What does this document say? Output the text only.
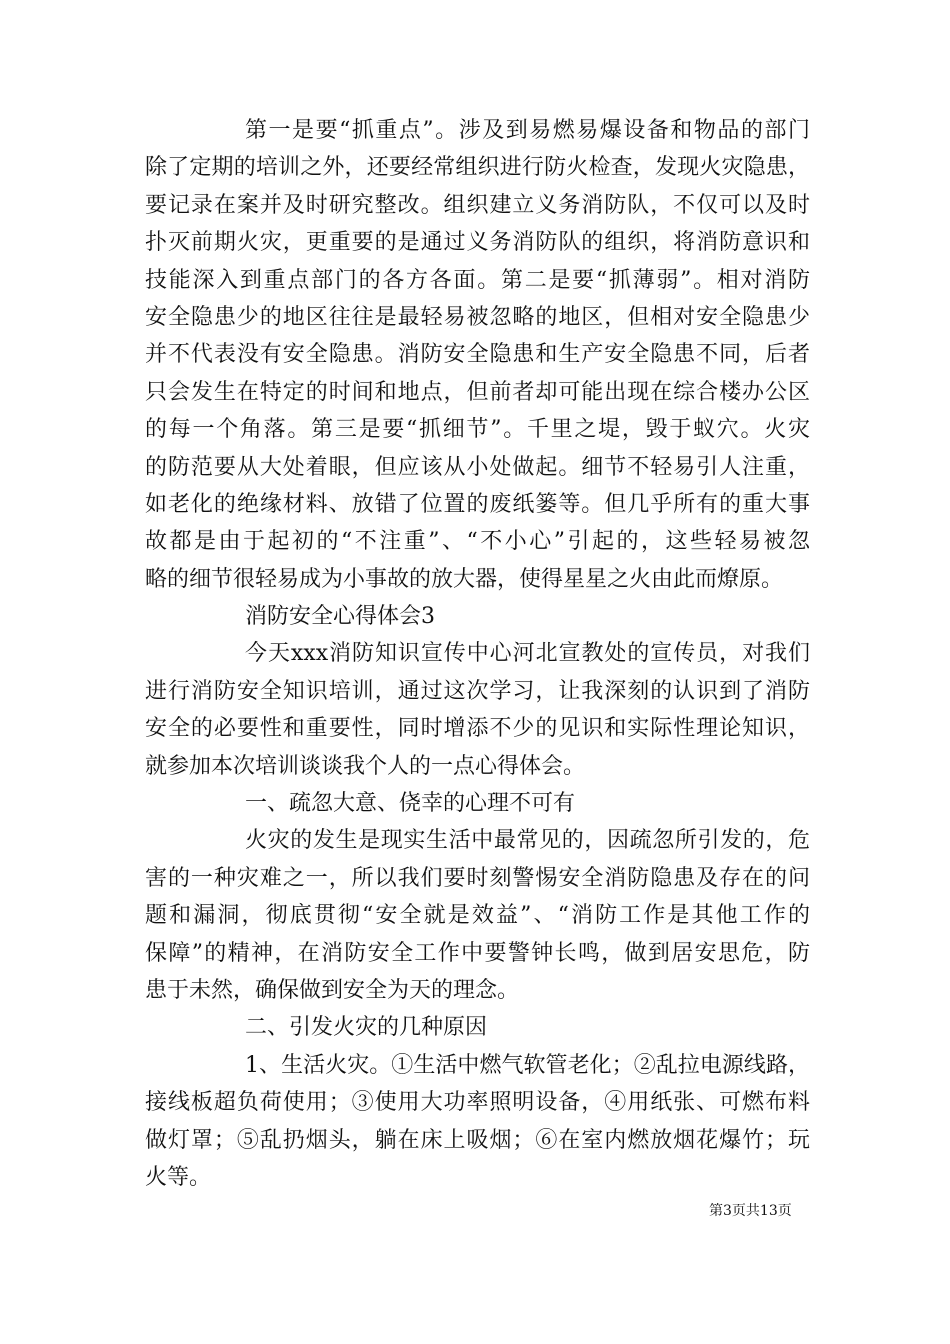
第一是要“抓重点”。涉及到易燃易爆设备和物品的部门
除了定期的培训之外，还要经常组织进行防火检查，发现火灾隐患，
要记录在案并及时研究整改。组织建立义务消防队，不仅可以及时
扑灭前期火灾，更重要的是通过义务消防队的组织，将消防意识和
技能深入到重点部门的各方各面。第二是要“抓薄弱”。相对消防
安全隐患少的地区往往是最轻易被忽略的地区，但相对安全隐患少
并不代表没有安全隐患。消防安全隐患和生产安全隐患不同，后者
只会发生在特定的时间和地点，但前者却可能出现在综合楼办公区
的每一个角落。第三是要“抓细节”。千里之堤，毁于蚁穴。火灾
的防范要从大处着眼，但应该从小处做起。细节不轻易引人注重，
如老化的绝缘材料、放错了位置的废纸篓等。但几乎所有的重大事
故都是由于起初的“不注重”、“不小心”引起的，这些轻易被忽
略的细节很轻易成为小事故的放大器，使得星星之火由此而燎原。
消防安全心得体会3
今天xxx消防知识宣传中心河北宣教处的宣传员，对我们
进行消防安全知识培训，通过这次学习，让我深刻的认识到了消防
安全的必要性和重要性，同时增添不少的见识和实际性理论知识，
就参加本次培训谈谈我个人的一点心得体会。
一、疏忽大意、侥幸的心理不可有
火灾的发生是现实生活中最常见的，因疏忽所引发的，危
害的一种灾难之一，所以我们要时刻警惕安全消防隐患及存在的问
题和漏洞，彻底贯彻“安全就是效益”、“消防工作是其他工作的
保障”的精神，在消防安全工作中要警钟长鸣，做到居安思危，防
患于未然，确保做到安全为天的理念。
二、引发火灾的几种原因
1、生活火灾。①生活中燃气软管老化；②乱拉电源线路，
接线板超负荷使用；③使用大功率照明设备，④用纸张、可燃布料
做灯罩；⑤乱扔烟头，躺在床上吸烟；⑥在室内燃放烟花爆竹；玩
火等。
第3页共13页
